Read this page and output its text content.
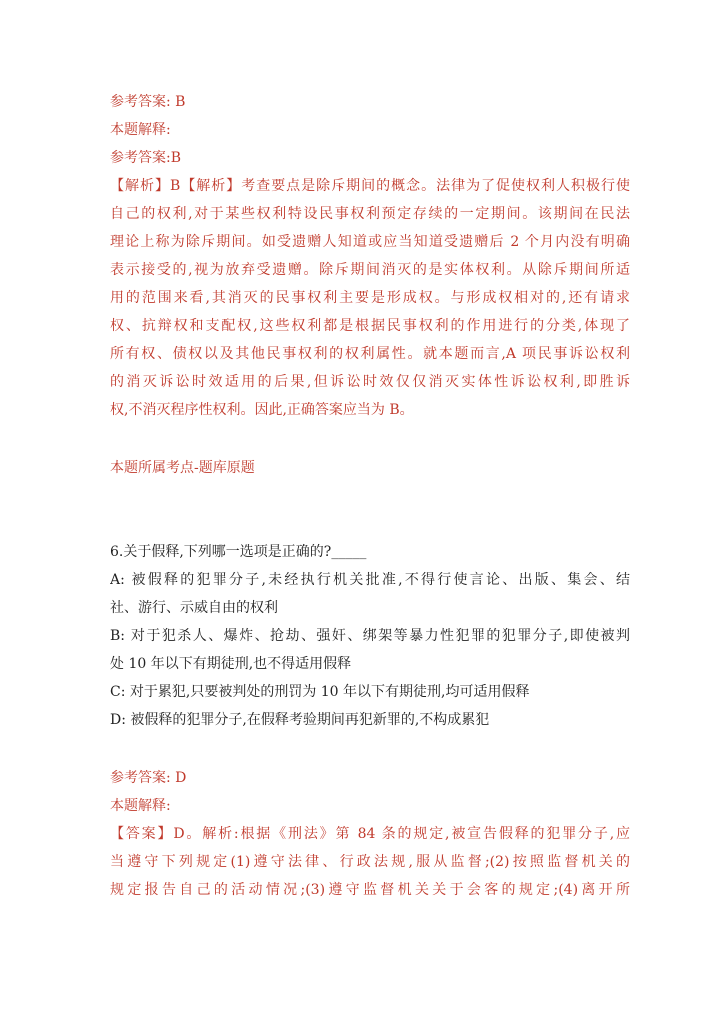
参考答案: B
本题解释:
参考答案:B
【解析】B【解析】考查要点是除斥期间的概念。法律为了促使权利人积极行使
自己的权利,对于某些权利特设民事权利预定存续的一定期间。该期间在民法
理论上称为除斥期间。如受遗赠人知道或应当知道受遗赠后 2 个月内没有明确
表示接受的,视为放弃受遗赠。除斥期间消灭的是实体权利。从除斥期间所适
用的范围来看,其消灭的民事权利主要是形成权。与形成权相对的,还有请求
权、抗辩权和支配权,这些权利都是根据民事权利的作用进行的分类,体现了
所有权、债权以及其他民事权利的权利属性。就本题而言,A 项民事诉讼权利
的消灭诉讼时效适用的后果,但诉讼时效仅仅消灭实体性诉讼权利,即胜诉
权,不消灭程序性权利。因此,正确答案应当为 B。
本题所属考点-题库原题
6.关于假释,下列哪一选项是正确的?_____
A: 被假释的犯罪分子,未经执行机关批准,不得行使言论、出版、集会、结
社、游行、示威自由的权利
B: 对于犯杀人、爆炸、抢劫、强奸、绑架等暴力性犯罪的犯罪分子,即使被判
处 10 年以下有期徒刑,也不得适用假释
C: 对于累犯,只要被判处的刑罚为 10 年以下有期徒刑,均可适用假释
D: 被假释的犯罪分子,在假释考验期间再犯新罪的,不构成累犯
参考答案: D
本题解释:
【答案】D。解析:根据《刑法》第 84 条的规定,被宣告假释的犯罪分子,应
当遵守下列规定(1)遵守法律、行政法规,服从监督;(2)按照监督机关的
规定报告自己的活动情况;(3)遵守监督机关关于会客的规定;(4)离开所
